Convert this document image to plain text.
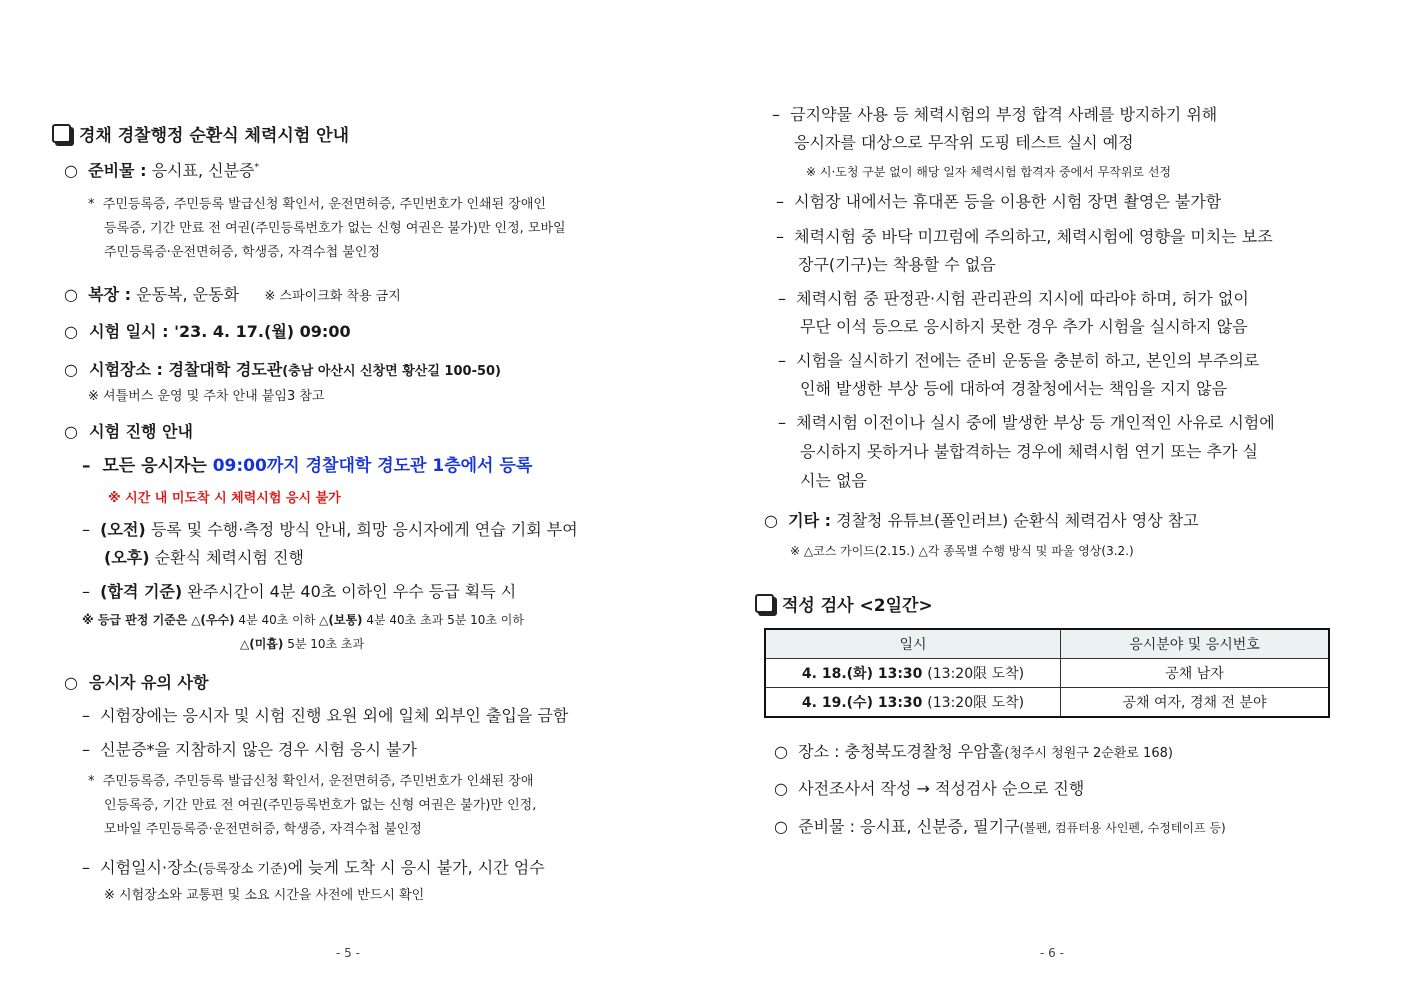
경채 경찰행정 순환식 체력시험 안내
○ 준비물 : 응시표, 신분증*
*  주민등록증, 주민등록 발급신청 확인서, 운전면허증, 주민번호가 인쇄된 장애인
등록증, 기간 만료 전 여권(주민등록번호가 없는 신형 여권은 불가)만 인정, 모바일
주민등록증·운전면허증, 학생증, 자격수첩 불인정
○ 복장 : 운동복, 운동화 ※ 스파이크화 착용 금지
○ 시험 일시 : '23. 4. 17.(월) 09:00
○ 시험장소 : 경찰대학 경도관(충남 아산시 신창면 황산길 100-50)
※ 셔틀버스 운영 및 주차 안내 붙임3 참고
○ 시험 진행 안내
– 모든 응시자는 09:00까지 경찰대학 경도관 1층에서 등록
※ 시간 내 미도착 시 체력시험 응시 불가
– (오전) 등록 및 수행·측정 방식 안내, 희망 응시자에게 연습 기회 부여
(오후) 순환식 체력시험 진행
– (합격 기준) 완주시간이 4분 40초 이하인 우수 등급 획득 시
※ 등급 판정 기준은 △(우수) 4분 40초 이하 △(보통) 4분 40초 초과 5분 10초 이하
△(미흡) 5분 10초 초과
○ 응시자 유의 사항
– 시험장에는 응시자 및 시험 진행 요원 외에 일체 외부인 출입을 금함
– 신분증*을 지참하지 않은 경우 시험 응시 불가
*  주민등록증, 주민등록 발급신청 확인서, 운전면허증, 주민번호가 인쇄된 장애
인등록증, 기간 만료 전 여권(주민등록번호가 없는 신형 여권은 불가)만 인정,
모바일 주민등록증·운전면허증, 학생증, 자격수첩 불인정
– 시험일시·장소(등록장소 기준)에 늦게 도착 시 응시 불가, 시간 엄수
※ 시험장소와 교통편 및 소요 시간을 사전에 반드시 확인
- 5 -
– 금지약물 사용 등 체력시험의 부정 합격 사례를 방지하기 위해
응시자를 대상으로 무작위 도핑 테스트 실시 예정
※ 시·도청 구분 없이 해당 일자 체력시험 합격자 중에서 무작위로 선정
– 시험장 내에서는 휴대폰 등을 이용한 시험 장면 촬영은 불가함
– 체력시험 중 바닥 미끄럼에 주의하고, 체력시험에 영향을 미치는 보조
장구(기구)는 착용할 수 없음
– 체력시험 중 판정관·시험 관리관의 지시에 따라야 하며, 허가 없이
무단 이석 등으로 응시하지 못한 경우 추가 시험을 실시하지 않음
– 시험을 실시하기 전에는 준비 운동을 충분히 하고, 본인의 부주의로
인해 발생한 부상 등에 대하여 경찰청에서는 책임을 지지 않음
– 체력시험 이전이나 실시 중에 발생한 부상 등 개인적인 사유로 시험에
응시하지 못하거나 불합격하는 경우에 체력시험 연기 또는 추가 실
시는 없음
○ 기타 : 경찰청 유튜브(폴인러브) 순환식 체력검사 영상 참고
※ △코스 가이드(2.15.) △각 종목별 수행 방식 및 파울 영상(3.2.)
적성 검사 <2일간>
일시	응시분야 및 응시번호
4. 18.(화) 13:30 (13:20限 도착)	공채 남자
4. 19.(수) 13:30 (13:20限 도착)	공채 여자, 경채 전 분야
○ 장소 : 충청북도경찰청 우암홀(청주시 청원구 2순환로 168)
○ 사전조사서 작성 → 적성검사 순으로 진행
○ 준비물 : 응시표, 신분증, 필기구(볼펜, 컴퓨터용 사인펜, 수정테이프 등)
- 6 -
